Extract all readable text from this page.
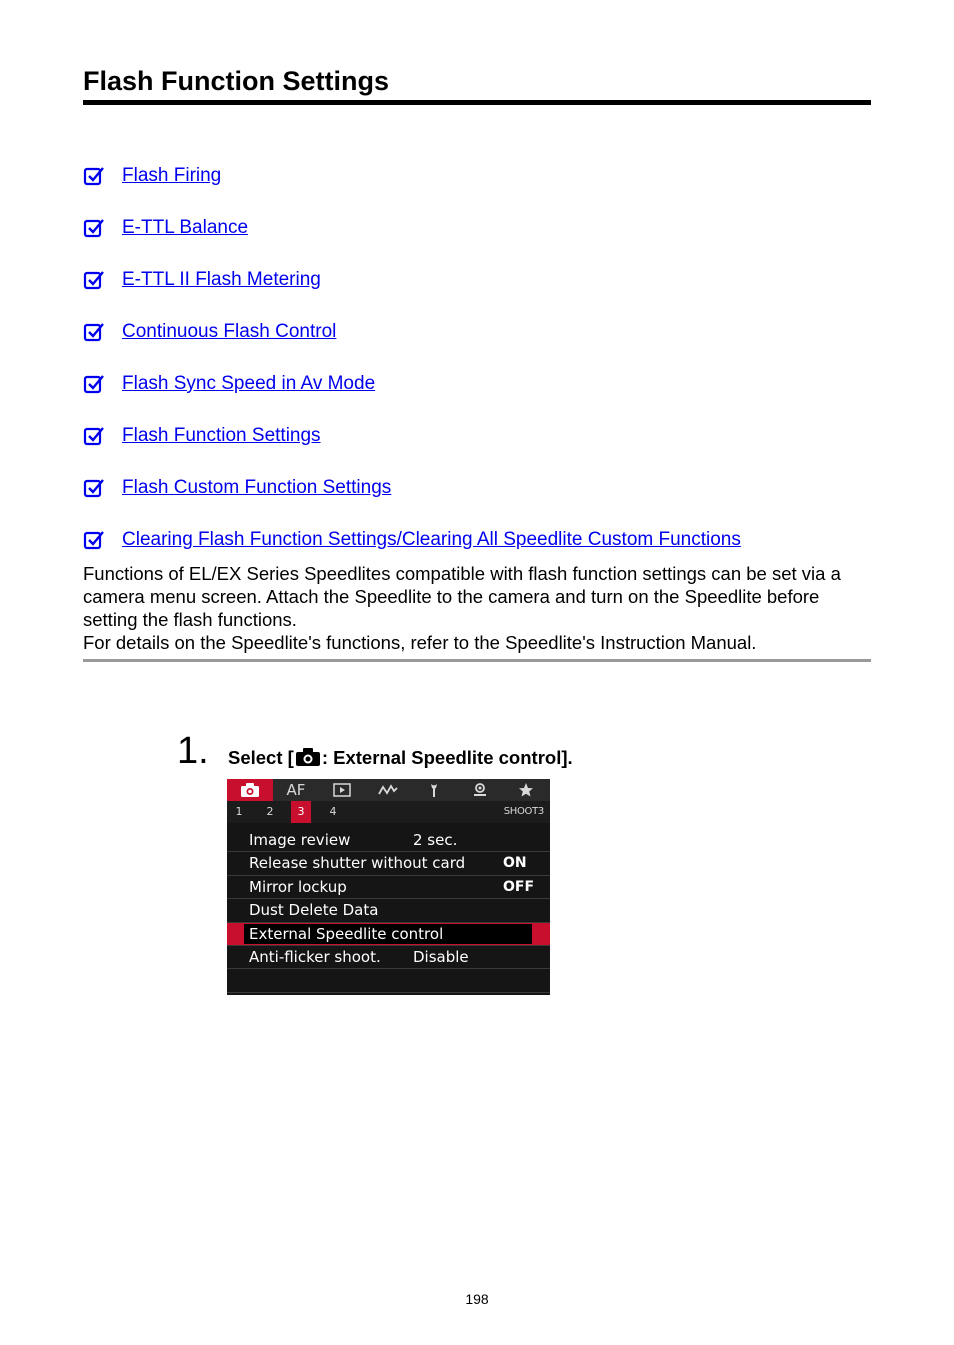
Flash Function Settings
Flash Firing
E-TTL Balance
E-TTL II Flash Metering
Continuous Flash Control
Flash Sync Speed in Av Mode
Flash Function Settings
Flash Custom Function Settings
Clearing Flash Function Settings/Clearing All Speedlite Custom Functions

Functions of EL/EX Series Speedlites compatible with flash function settings can be set via a camera menu screen. Attach the Speedlite to the camera and turn on the Speedlite before setting the flash functions.

For details on the Speedlite's functions, refer to the Speedlite's Instruction Manual.

1. Select [ : External Speedlite control].
AF
1	2	3	4	SHOOT3
Image review	2 sec.
Release shutter without card	ON
Mirror lockup	OFF
Dust Delete Data
External Speedlite control
Anti-flicker shoot. Disable
198
